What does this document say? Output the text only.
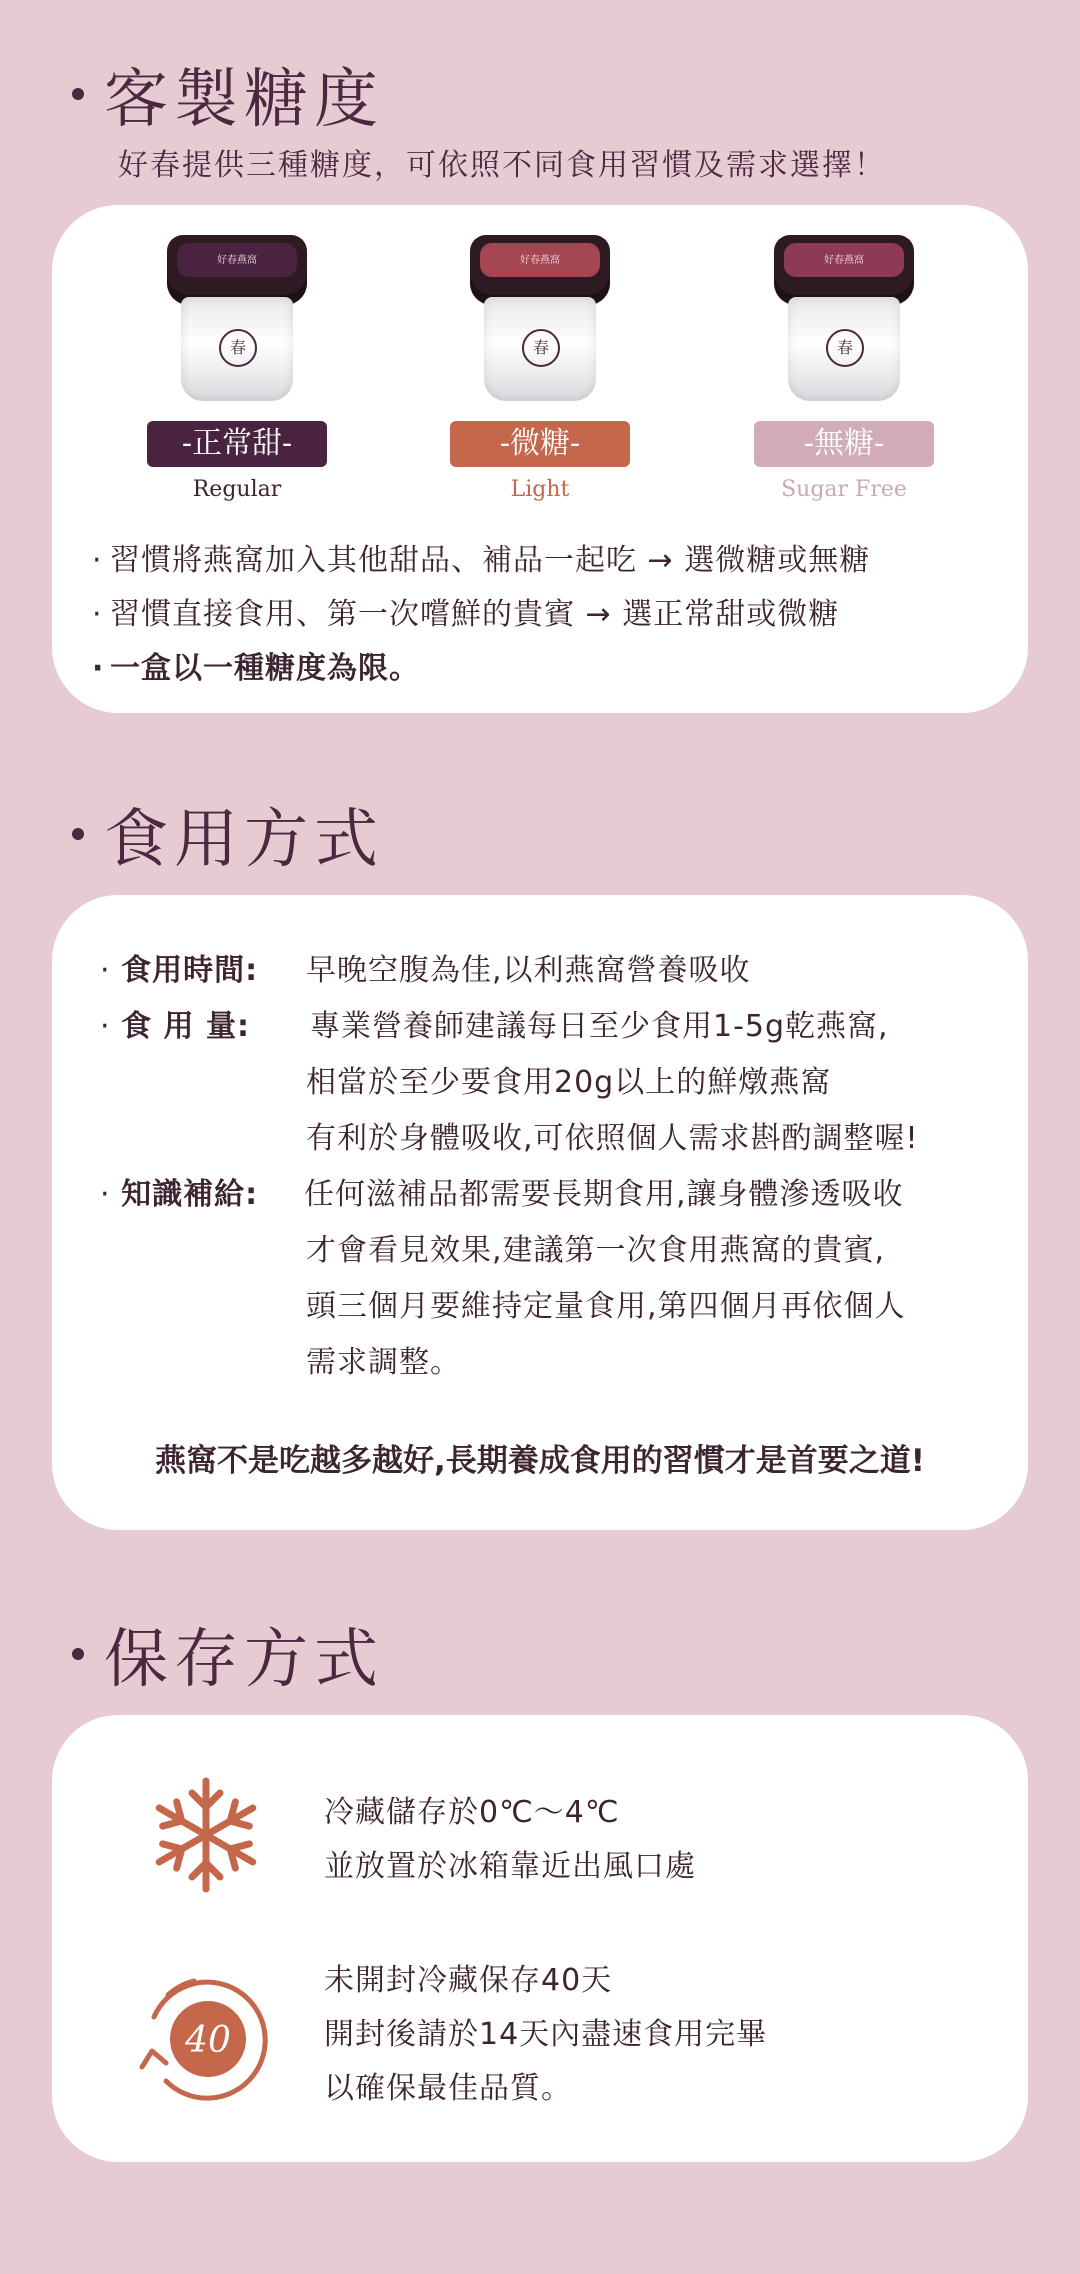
客製糖度
好春提供三種糖度，可依照不同食用習慣及需求選擇！
好春燕窩
春
-正常甜-
Regular
好春燕窩
春
-微糖-
Light
好春燕窩
春
-無糖-
Sugar Free
· 習慣將燕窩加入其他甜品、補品一起吃 → 選微糖或無糖
· 習慣直接食用、第一次嚐鮮的貴賓 → 選正常甜或微糖
· 一盒以一種糖度為限。
食用方式
· 食用時間: 早晚空腹為佳,以利燕窩營養吸收
· 食 用 量: 專業營養師建議每日至少食用1-5g乾燕窩,
相當於至少要食用20g以上的鮮燉燕窩
有利於身體吸收,可依照個人需求斟酌調整喔!
· 知識補給: 任何滋補品都需要長期食用,讓身體滲透吸收
才會看見效果,建議第一次食用燕窩的貴賓,
頭三個月要維持定量食用,第四個月再依個人
需求調整。
燕窩不是吃越多越好,長期養成食用的習慣才是首要之道!
保存方式
冷藏儲存於0℃～4℃
並放置於冰箱靠近出風口處
40
未開封冷藏保存40天
開封後請於14天內盡速食用完畢
以確保最佳品質。
